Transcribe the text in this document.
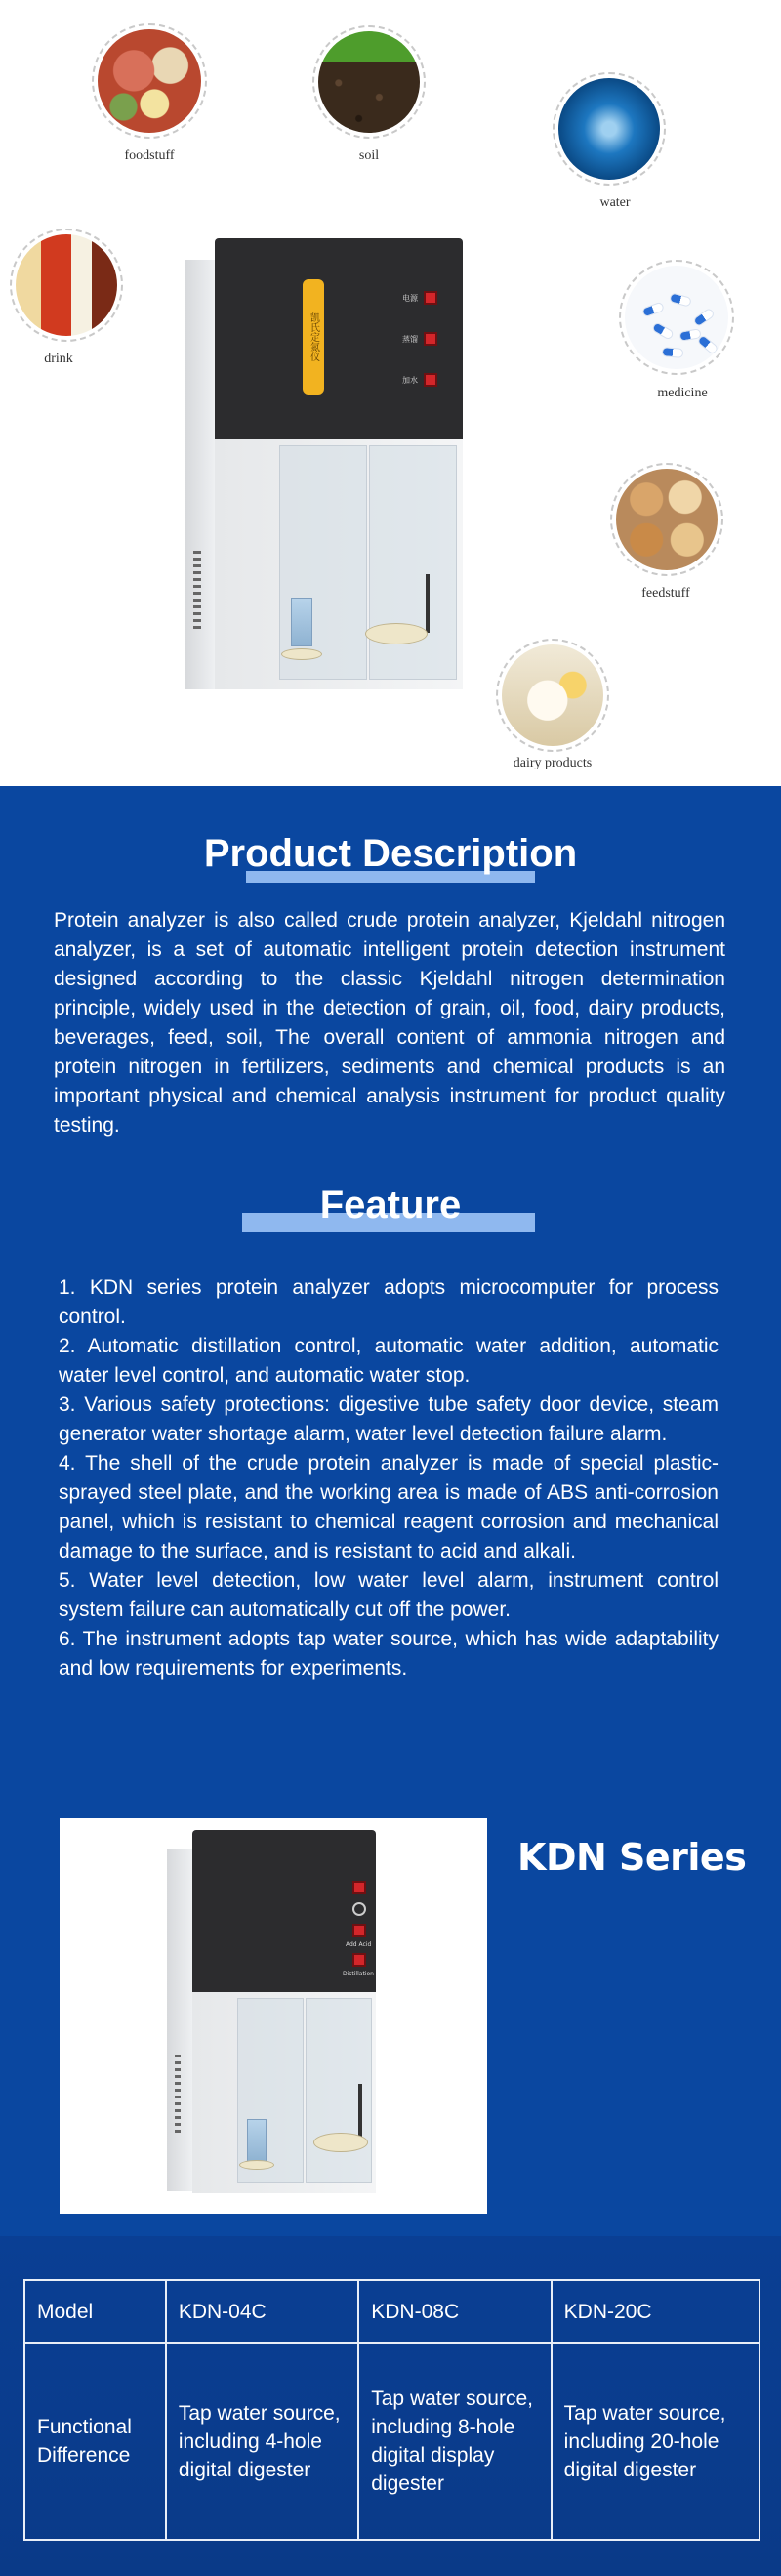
foodstuff	soil
water
drink
medicine
feedstuff
dairy products
凯氏定氮仪
电源
蒸馏
加水
Product Description

Protein analyzer is also called crude protein analyzer, Kjeldahl nitrogen analyzer, is a set of automatic intelligent protein detection instrument designed according to the classic Kjeldahl nitrogen determination principle, widely used in the detection of grain, oil, food, dairy products, beverages, feed, soil, The overall content of ammonia nitrogen and protein nitrogen in fertilizers, sediments and chemical products is an important physical and chemical analysis instrument for product quality testing.

Feature

1. KDN series protein analyzer adopts microcomputer for process control.

2. Automatic distillation control, automatic water addition, automatic water level control, and automatic water stop.

3. Various safety protections: digestive tube safety door device, steam generator water shortage alarm, water level detection failure alarm.

4. The shell of the crude protein analyzer is made of special plastic-sprayed steel plate, and the working area is made of ABS anti-corrosion panel, which is resistant to chemical reagent corrosion and mechanical damage to the surface, and is resistant to acid and alkali.

5. Water level detection, low water level alarm, instrument control system failure can automatically cut off the power.

6. The instrument adopts tap water source, which has wide adaptability and low requirements for experiments.

Add Acid
Distillation
KDN Series
Model	KDN-04C	KDN-08C	KDN-20C
Functional Difference	Tap water source, including 4-hole digital digester	Tap water source, including 8-hole digital display digester	Tap water source, including 20-hole digital digester
